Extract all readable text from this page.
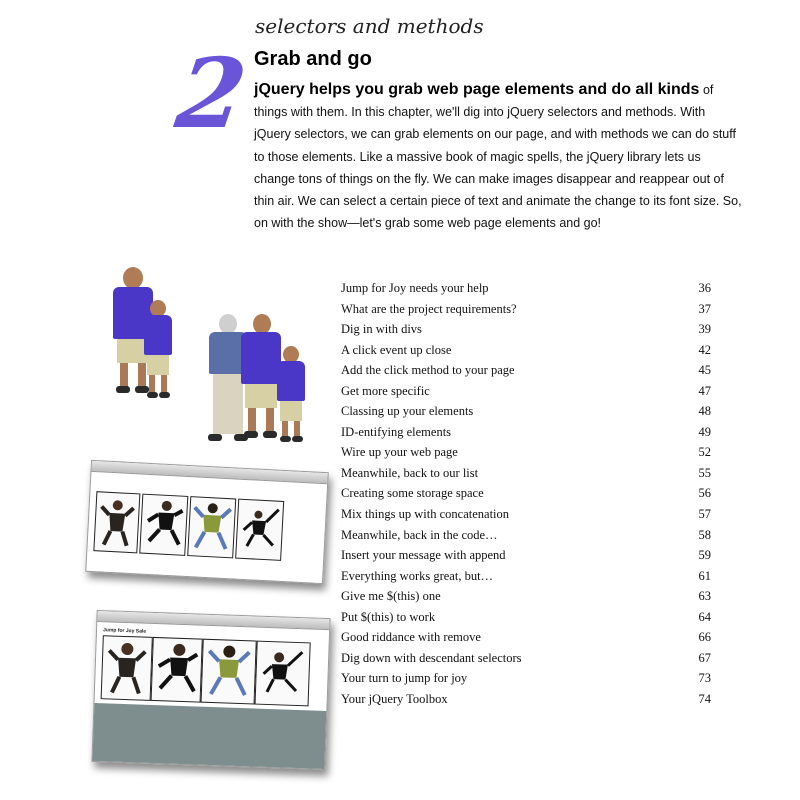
selectors and methods
2 Grab and go

jQuery helps you grab web page elements and do all kinds of things with them. In this chapter, we'll dig into jQuery selectors and methods. With jQuery selectors, we can grab elements on our page, and with methods we can do stuff to those elements. Like a massive book of magic spells, the jQuery library lets us change tons of things on the fly. We can make images disappear and reappear out of thin air. We can select a certain piece of text and animate the change to its font size. So, on with the show—let's grab some web page elements and go!

Jump for Joy Sale
Jump for Joy needs your help	36
What are the project requirements?	37
Dig in with divs	39
A click event up close	42
Add the click method to your page	45
Get more specific	47
Classing up your elements	48
ID-entifying elements	49
Wire up your web page	52
Meanwhile, back to our list	55
Creating some storage space	56
Mix things up with concatenation	57
Meanwhile, back in the code…	58
Insert your message with append	59
Everything works great, but…	61
Give me $(this) one	63
Put $(this) to work	64
Good riddance with remove	66
Dig down with descendant selectors	67
Your turn to jump for joy	73
Your jQuery Toolbox	74
